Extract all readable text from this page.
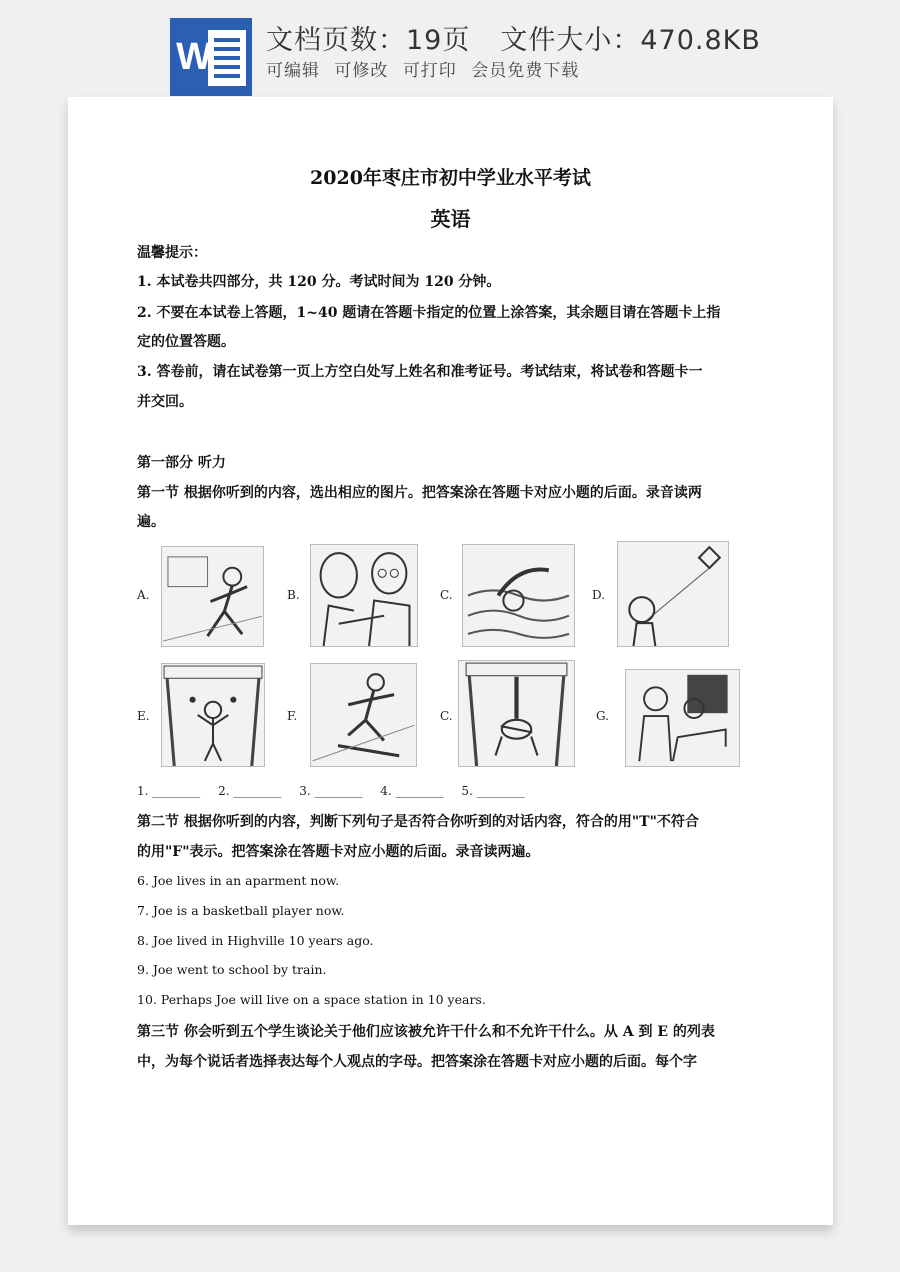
W 文档页数：19页 文件大小：470.8KB
可编辑 可修改 可打印 会员免费下载
2020年枣庄市初中学业水平考试
英语
温馨提示：
1. 本试卷共四部分，共 120 分。考试时间为 120 分钟。
2. 不要在本试卷上答题，1~40 题请在答题卡指定的位置上涂答案，其余题目请在答题卡上指
定的位置答题。
3. 答卷前，请在试卷第一页上方空白处写上姓名和准考证号。考试结束，将试卷和答题卡一
并交回。
第一部分 听力
第一节 根据你听到的内容，选出相应的图片。把答案涂在答题卡对应小题的后面。录音读两
遍。
A.	B.	C.	D.
E.	F.	C.	G.
1. ________ 2. ________ 3. ________ 4. ________ 5. ________
第二节 根据你听到的内容，判断下列句子是否符合你听到的对话内容，符合的用"T"不符合
的用"F"表示。把答案涂在答题卡对应小题的后面。录音读两遍。
6. Joe lives in an aparment now.
7. Joe is a basketball player now.
8. Joe lived in Highville 10 years ago.
9. Joe went to school by train.
10. Perhaps Joe will live on a space station in 10 years.
第三节 你会听到五个学生谈论关于他们应该被允许干什么和不允许干什么。从 A 到 E 的列表
中，为每个说话者选择表达每个人观点的字母。把答案涂在答题卡对应小题的后面。每个字
